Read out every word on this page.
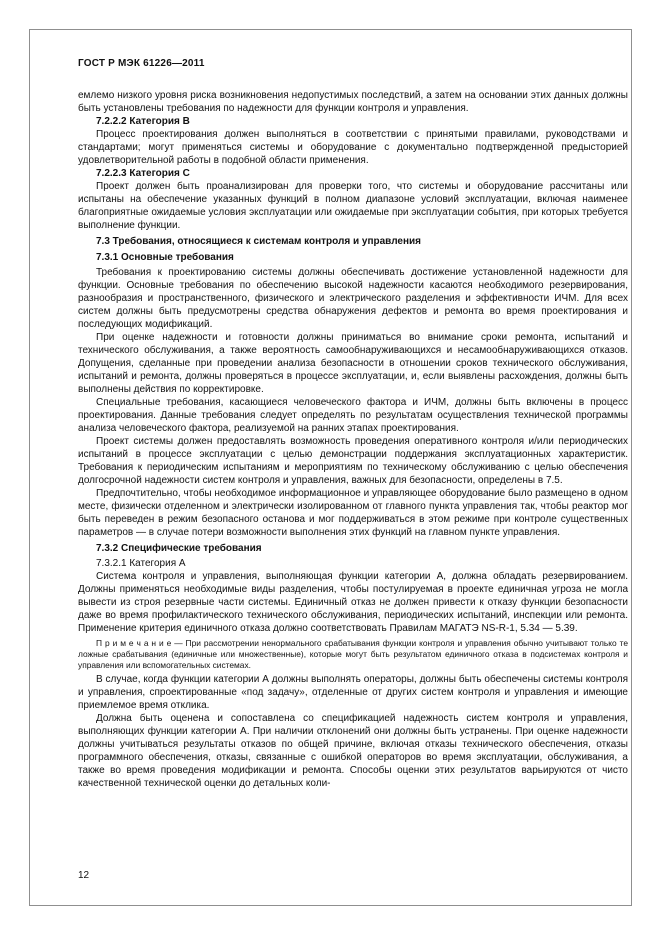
ГОСТ Р МЭК 61226—2011

емлемо низкого уровня риска возникновения недопустимых последствий, а затем на основании этих данных должны быть установлены требования по надежности для функции контроля и управления.

7.2.2.2 Категория В

Процесс проектирования должен выполняться в соответствии с принятыми правилами, руководствами и стандартами; могут применяться системы и оборудование с документально подтвержденной предысторией удовлетворительной работы в подобной области применения.

7.2.2.3 Категория С

Проект должен быть проанализирован для проверки того, что системы и оборудование рассчитаны или испытаны на обеспечение указанных функций в полном диапазоне условий эксплуатации, включая наименее благоприятные ожидаемые условия эксплуатации или ожидаемые при эксплуатации события, при которых требуется выполнение функции.

7.3 Требования, относящиеся к системам контроля и управления

7.3.1 Основные требования

Требования к проектированию системы должны обеспечивать достижение установленной надежности для функции. Основные требования по обеспечению высокой надежности касаются необходимого резервирования, разнообразия и пространственного, физического и электрического разделения и эффективности ИЧМ. Для всех систем должны быть предусмотрены средства обнаружения дефектов и ремонта во время проектирования и последующих модификаций.

При оценке надежности и готовности должны приниматься во внимание сроки ремонта, испытаний и технического обслуживания, а также вероятность самообнаруживающихся и несамообнаруживающихся отказов. Допущения, сделанные при проведении анализа безопасности в отношении сроков технического обслуживания, испытаний и ремонта, должны проверяться в процессе эксплуатации, и, если выявлены расхождения, должны быть выполнены действия по корректировке.

Специальные требования, касающиеся человеческого фактора и ИЧМ, должны быть включены в процесс проектирования. Данные требования следует определять по результатам осуществления технической программы анализа человеческого фактора, реализуемой на ранних этапах проектирования.

Проект системы должен предоставлять возможность проведения оперативного контроля и/или периодических испытаний в процессе эксплуатации с целью демонстрации поддержания эксплуатационных характеристик. Требования к периодическим испытаниям и мероприятиям по техническому обслуживанию с целью обеспечения долгосрочной надежности систем контроля и управления, важных для безопасности, определены в 7.5.

Предпочтительно, чтобы необходимое информационное и управляющее оборудование было размещено в одном месте, физически отделенном и электрически изолированном от главного пункта управления так, чтобы реактор мог быть переведен в режим безопасного останова и мог поддерживаться в этом режиме при контроле существенных параметров — в случае потери возможности выполнения этих функций на главном пункте управления.

7.3.2 Специфические требования

7.3.2.1 Категория А

Система контроля и управления, выполняющая функции категории А, должна обладать резервированием. Должны применяться необходимые виды разделения, чтобы постулируемая в проекте единичная угроза не могла вывести из строя резервные части системы. Единичный отказ не должен привести к отказу функции безопасности даже во время профилактического технического обслуживания, периодических испытаний, инспекции или ремонта. Применение критерия единичного отказа должно соответствовать Правилам МАГАТЭ NS-R-1, 5.34 — 5.39.

П р и м е ч а н и е — При рассмотрении ненормального срабатывания функции контроля и управления обычно учитывают только те ложные срабатывания (единичные или множественные), которые могут быть результатом единичного отказа в подсистемах контроля и управления или вспомогательных системах.

В случае, когда функции категории А должны выполнять операторы, должны быть обеспечены системы контроля и управления, спроектированные «под задачу», отделенные от других систем контроля и управления и имеющие приемлемое время отклика.

Должна быть оценена и сопоставлена со спецификацией надежность систем контроля и управления, выполняющих функции категории А. При наличии отклонений они должны быть устранены. При оценке надежности должны учитываться результаты отказов по общей причине, включая отказы технического обеспечения, отказы программного обеспечения, отказы, связанные с ошибкой операторов во время эксплуатации, обслуживания, а также во время проведения модификации и ремонта. Способы оценки этих результатов варьируются от чисто качественной технической оценки до детальных коли-

12
